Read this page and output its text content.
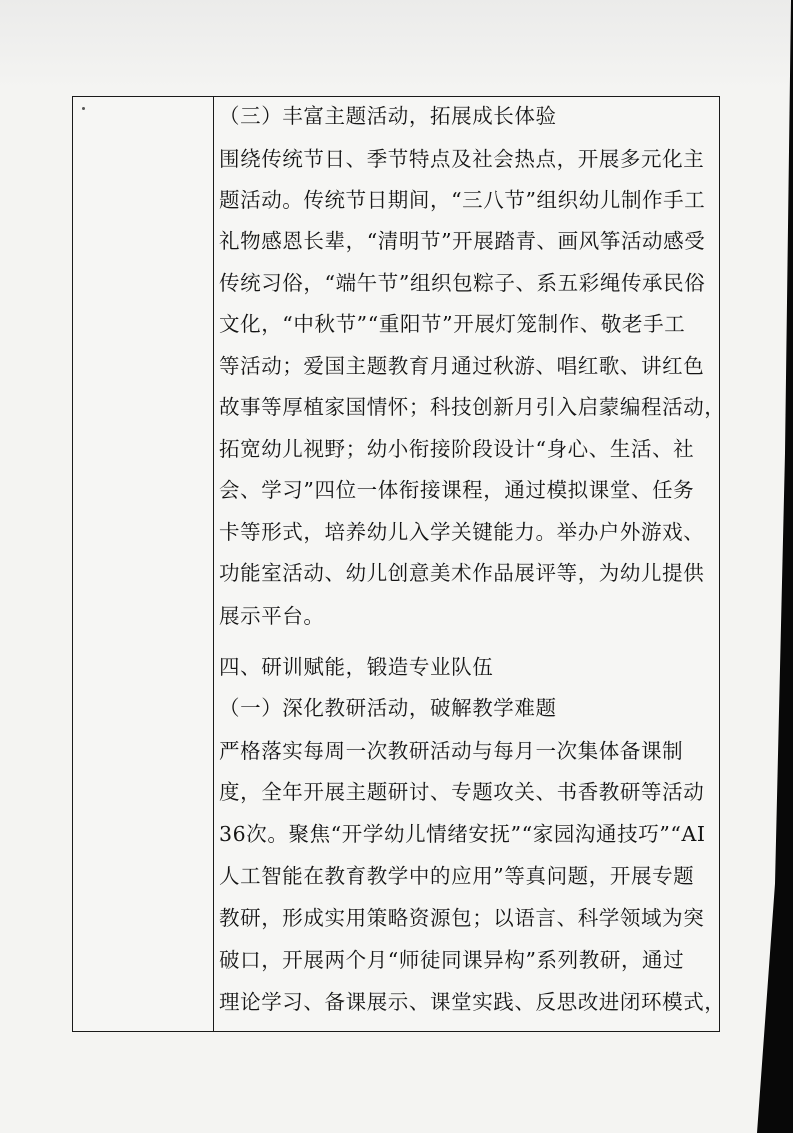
（三）丰富主题活动，拓展成长体验
围绕传统节日、季节特点及社会热点，开展多元化主
题活动。传统节日期间，“三八节”组织幼儿制作手工
礼物感恩长辈，“清明节”开展踏青、画风筝活动感受
传统习俗，“端午节”组织包粽子、系五彩绳传承民俗
文化，“中秋节”“重阳节”开展灯笼制作、敬老手工
等活动；爱国主题教育月通过秋游、唱红歌、讲红色
故事等厚植家国情怀；科技创新月引入启蒙编程活动，
拓宽幼儿视野；幼小衔接阶段设计“身心、生活、社
会、学习”四位一体衔接课程，通过模拟课堂、任务
卡等形式，培养幼儿入学关键能力。举办户外游戏、
功能室活动、幼儿创意美术作品展评等，为幼儿提供
展示平台。
四、研训赋能，锻造专业队伍
（一）深化教研活动，破解教学难题
严格落实每周一次教研活动与每月一次集体备课制
度，全年开展主题研讨、专题攻关、书香教研等活动
36次。聚焦“开学幼儿情绪安抚”“家园沟通技巧”“AI
人工智能在教育教学中的应用”等真问题，开展专题
教研，形成实用策略资源包；以语言、科学领域为突
破口，开展两个月“师徒同课异构”系列教研，通过
理论学习、备课展示、课堂实践、反思改进闭环模式，
